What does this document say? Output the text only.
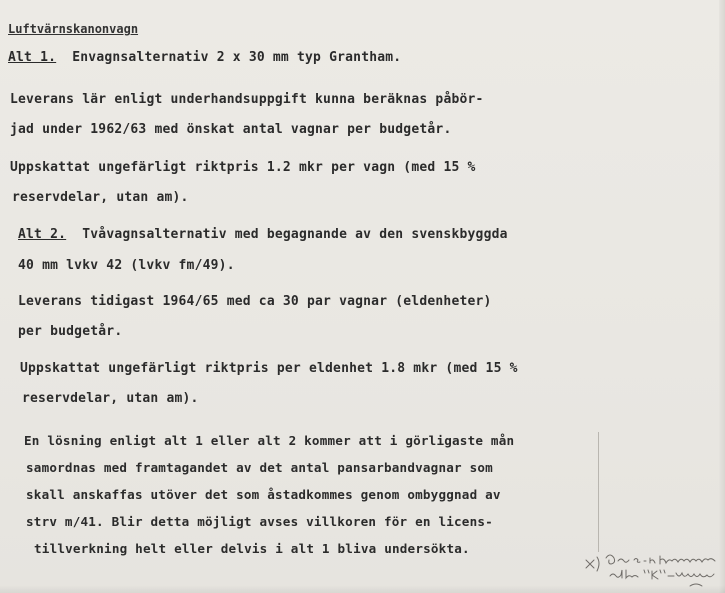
Luftvärnskanonvagn
Alt 1. Envagnsalternativ 2 x 30 mm typ Grantham.
Leverans lär enligt underhandsuppgift kunna beräknas påbör-
jad under 1962/63 med önskat antal vagnar per budgetår.
Uppskattat ungefärligt riktpris 1.2 mkr per vagn (med 15 %
reservdelar, utan am).
Alt 2. Tvåvagnsalternativ med begagnande av den svenskbyggda
40 mm lvkv 42 (lvkv fm/49).
Leverans tidigast 1964/65 med ca 30 par vagnar (eldenheter)
per budgetår.
Uppskattat ungefärligt riktpris per eldenhet 1.8 mkr (med 15 %
reservdelar, utan am).
En lösning enligt alt 1 eller alt 2 kommer att i görligaste mån
samordnas med framtagandet av det antal pansarbandvagnar som
skall anskaffas utöver det som åstadkommes genom ombyggnad av
strv m/41. Blir detta möjligt avses villkoren för en licens-
tillverkning helt eller delvis i alt 1 bliva undersökta.
